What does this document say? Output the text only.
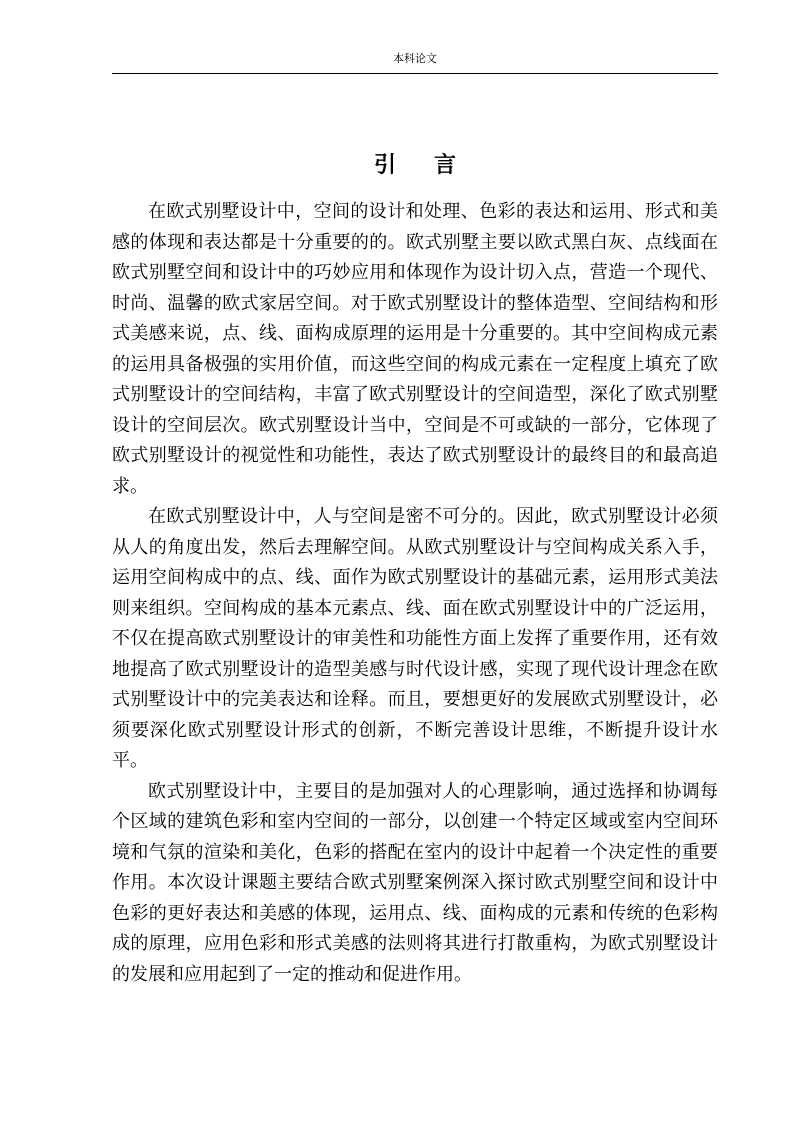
本科论文
引言

在欧式别墅设计中，空间的设计和处理、色彩的表达和运用、形式和美感的体现和表达都是十分重要的的。欧式别墅主要以欧式黑白灰、点线面在欧式别墅空间和设计中的巧妙应用和体现作为设计切入点，营造一个现代、时尚、温馨的欧式家居空间。对于欧式别墅设计的整体造型、空间结构和形式美感来说，点、线、面构成原理的运用是十分重要的。其中空间构成元素的运用具备极强的实用价值，而这些空间的构成元素在一定程度上填充了欧式别墅设计的空间结构，丰富了欧式别墅设计的空间造型，深化了欧式别墅设计的空间层次。欧式别墅设计当中，空间是不可或缺的一部分，它体现了欧式别墅设计的视觉性和功能性，表达了欧式别墅设计的最终目的和最高追求。

在欧式别墅设计中，人与空间是密不可分的。因此，欧式别墅设计必须从人的角度出发，然后去理解空间。从欧式别墅设计与空间构成关系入手，运用空间构成中的点、线、面作为欧式别墅设计的基础元素，运用形式美法则来组织。空间构成的基本元素点、线、面在欧式别墅设计中的广泛运用，不仅在提高欧式别墅设计的审美性和功能性方面上发挥了重要作用，还有效地提高了欧式别墅设计的造型美感与时代设计感，实现了现代设计理念在欧式别墅设计中的完美表达和诠释。而且，要想更好的发展欧式别墅设计，必须要深化欧式别墅设计形式的创新，不断完善设计思维，不断提升设计水平。

欧式别墅设计中，主要目的是加强对人的心理影响，通过选择和协调每个区域的建筑色彩和室内空间的一部分，以创建一个特定区域或室内空间环境和气氛的渲染和美化，色彩的搭配在室内的设计中起着一个决定性的重要作用。本次设计课题主要结合欧式别墅案例深入探讨欧式别墅空间和设计中色彩的更好表达和美感的体现，运用点、线、面构成的元素和传统的色彩构成的原理，应用色彩和形式美感的法则将其进行打散重构，为欧式别墅设计的发展和应用起到了一定的推动和促进作用。
